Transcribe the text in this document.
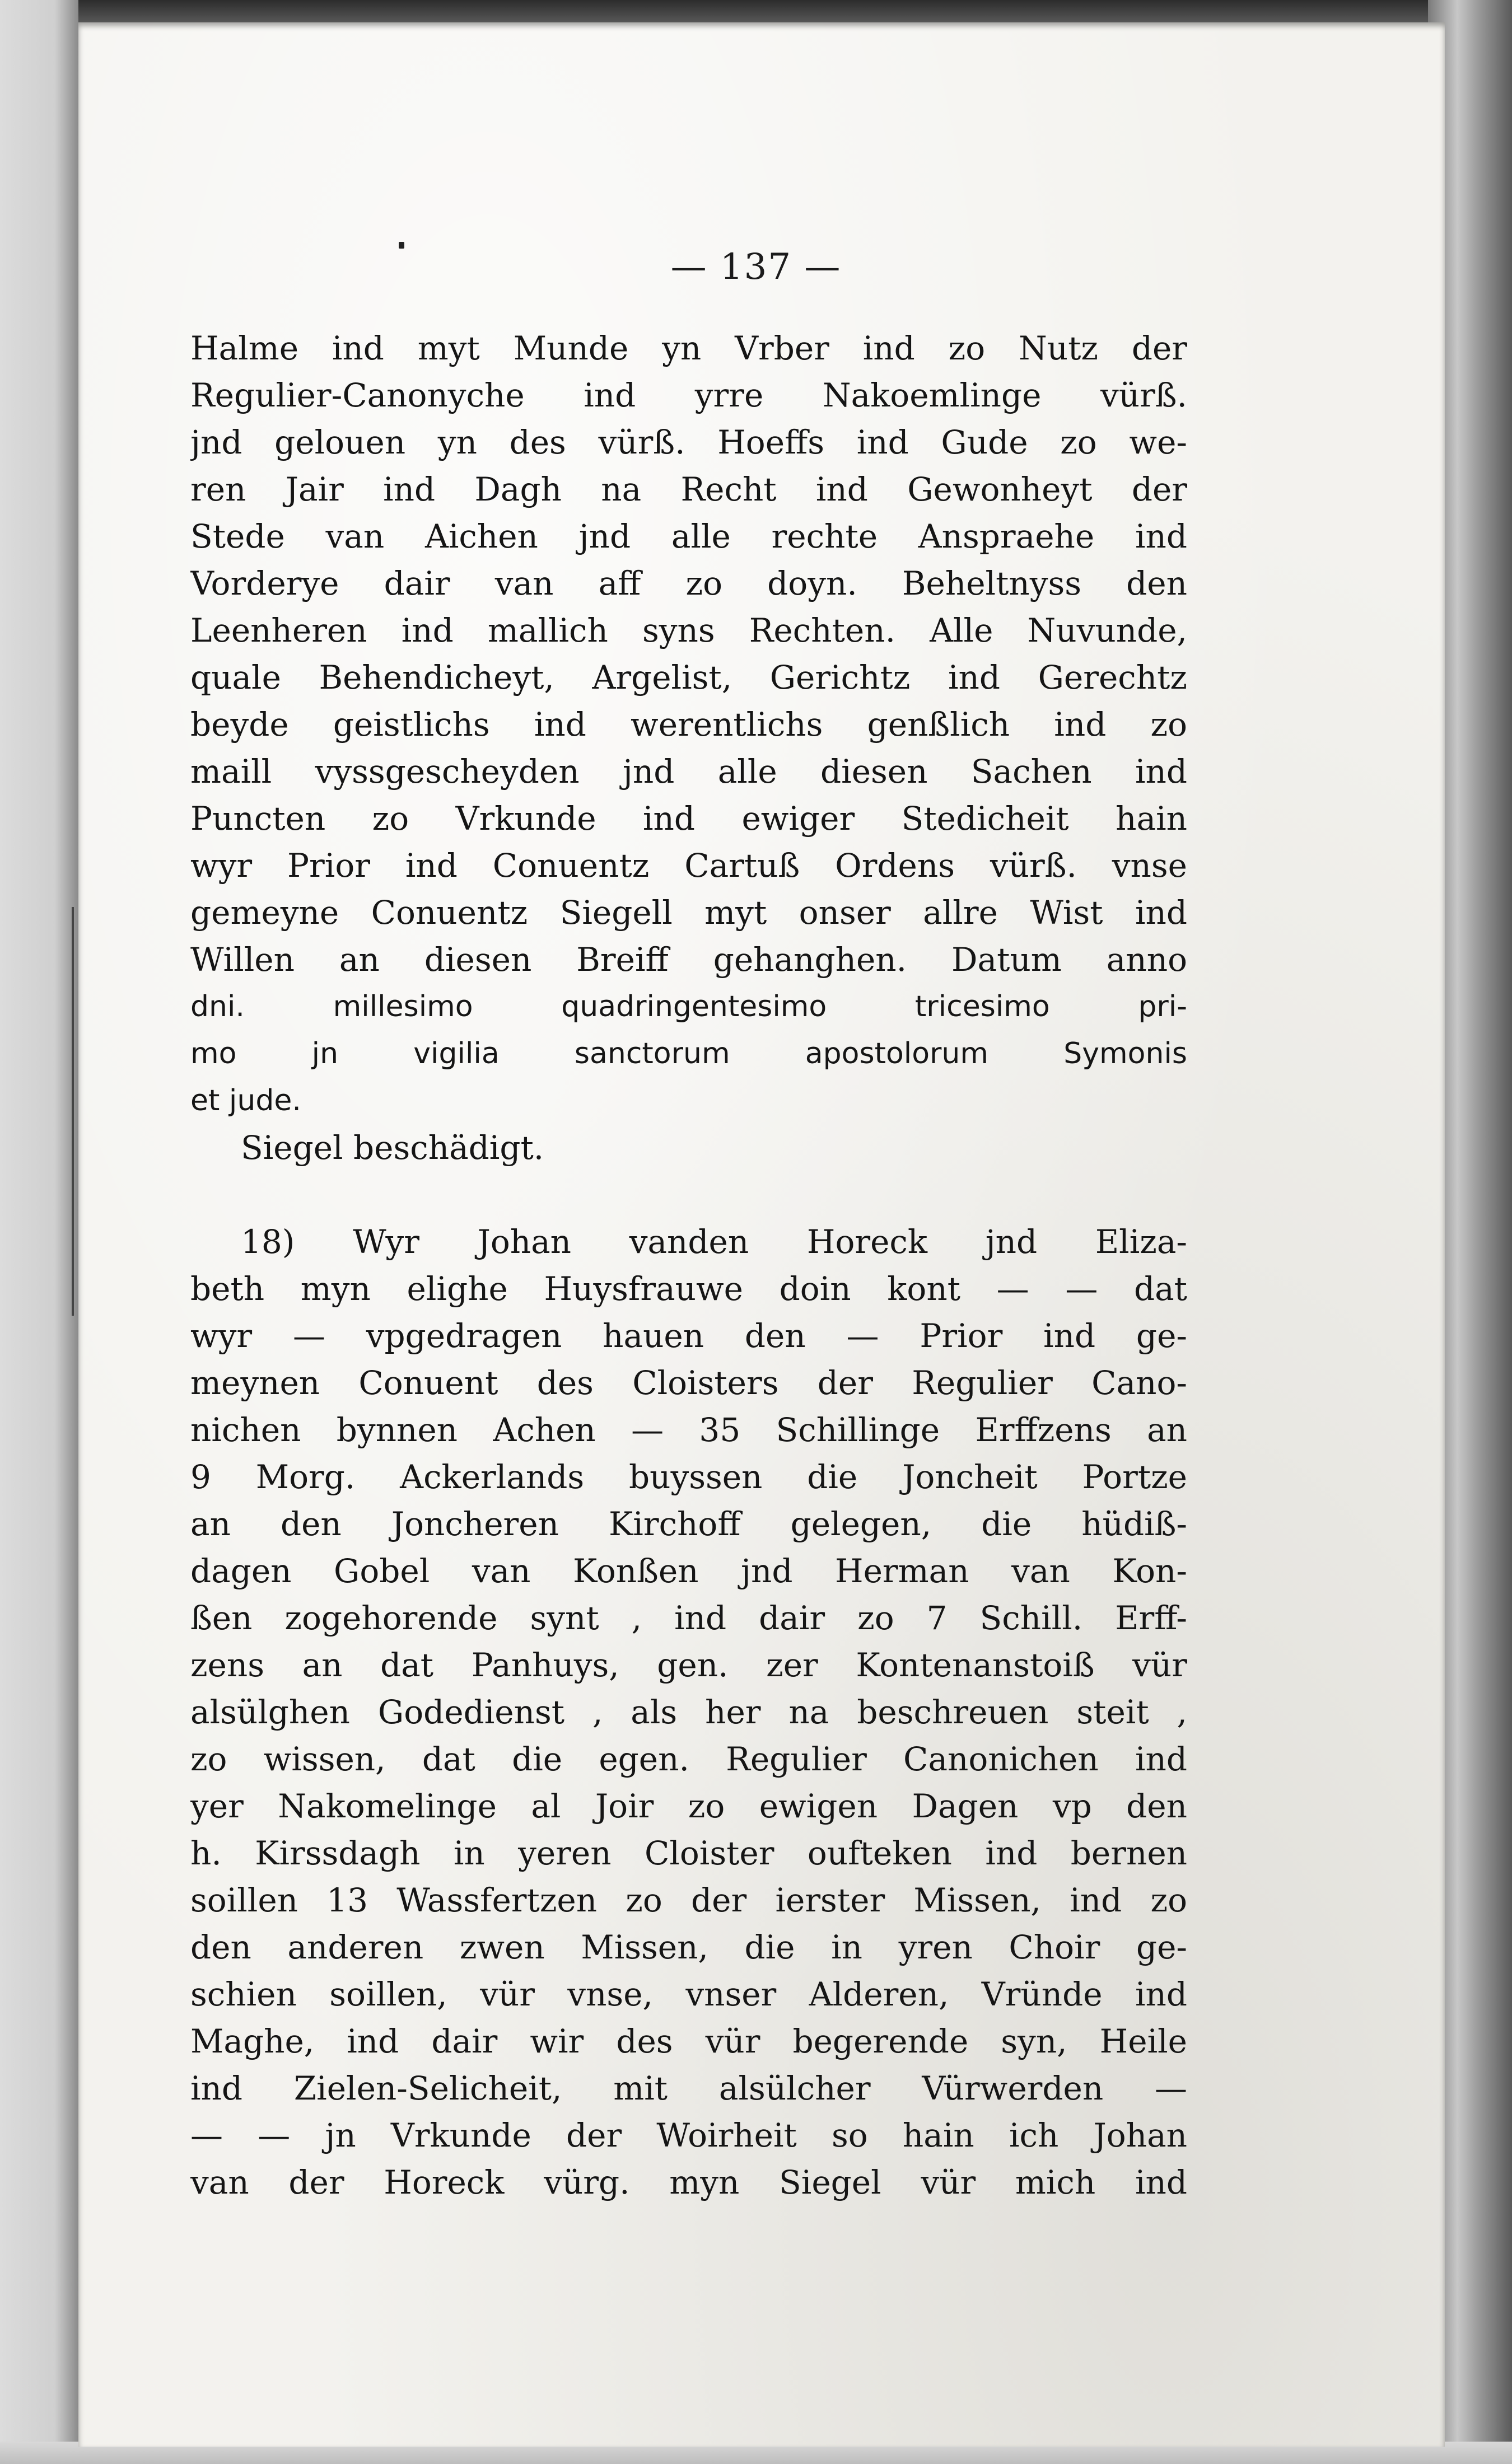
— 137 —
Halme ind myt Munde yn Vrber ind zo Nutz der
Regulier-Canonyche ind yrre Nakoemlinge vürß.
jnd gelouen yn des vürß. Hoeffs ind Gude zo we-
ren Jair ind Dagh na Recht ind Gewonheyt der
Stede van Aichen jnd alle rechte Anspraehe ind
Vorderye dair van aff zo doyn. Beheltnyss den
Leenheren ind mallich syns Rechten. Alle Nuvunde,
quale Behendicheyt, Argelist, Gerichtz ind Gerechtz
beyde geistlichs ind werentlichs genßlich ind zo
maill vyssgescheyden jnd alle diesen Sachen ind
Puncten zo Vrkunde ind ewiger Stedicheit hain
wyr Prior ind Conuentz Cartuß Ordens vürß. vnse
gemeyne Conuentz Siegell myt onser allre Wist ind
Willen an diesen Breiff gehanghen. Datum anno
dni. millesimo quadringentesimo tricesimo pri-
mo jn vigilia sanctorum apostolorum Symonis
et jude.
Siegel beschädigt.
18) Wyr Johan vanden Horeck jnd Eliza-
beth myn elighe Huysfrauwe doin kont — — dat
wyr — vpgedragen hauen den — Prior ind ge-
meynen Conuent des Cloisters der Regulier Cano-
nichen bynnen Achen — 35 Schillinge Erffzens an
9 Morg. Ackerlands buyssen die Joncheit Portze
an den Joncheren Kirchoff gelegen, die hüdiß-
dagen Gobel van Konßen jnd Herman van Kon-
ßen zogehorende synt , ind dair zo 7 Schill. Erff-
zens an dat Panhuys, gen. zer Kontenanstoiß vür
alsülghen Godedienst , als her na beschreuen steit ,
zo wissen, dat die egen. Regulier Canonichen ind
yer Nakomelinge al Joir zo ewigen Dagen vp den
h. Kirssdagh in yeren Cloister oufteken ind bernen
soillen 13 Wassfertzen zo der ierster Missen, ind zo
den anderen zwen Missen, die in yren Choir ge-
schien soillen, vür vnse, vnser Alderen, Vründe ind
Maghe, ind dair wir des vür begerende syn, Heile
ind Zielen-Selicheit, mit alsülcher Vürwerden —
— — jn Vrkunde der Woirheit so hain ich Johan
van der Horeck vürg. myn Siegel vür mich ind
